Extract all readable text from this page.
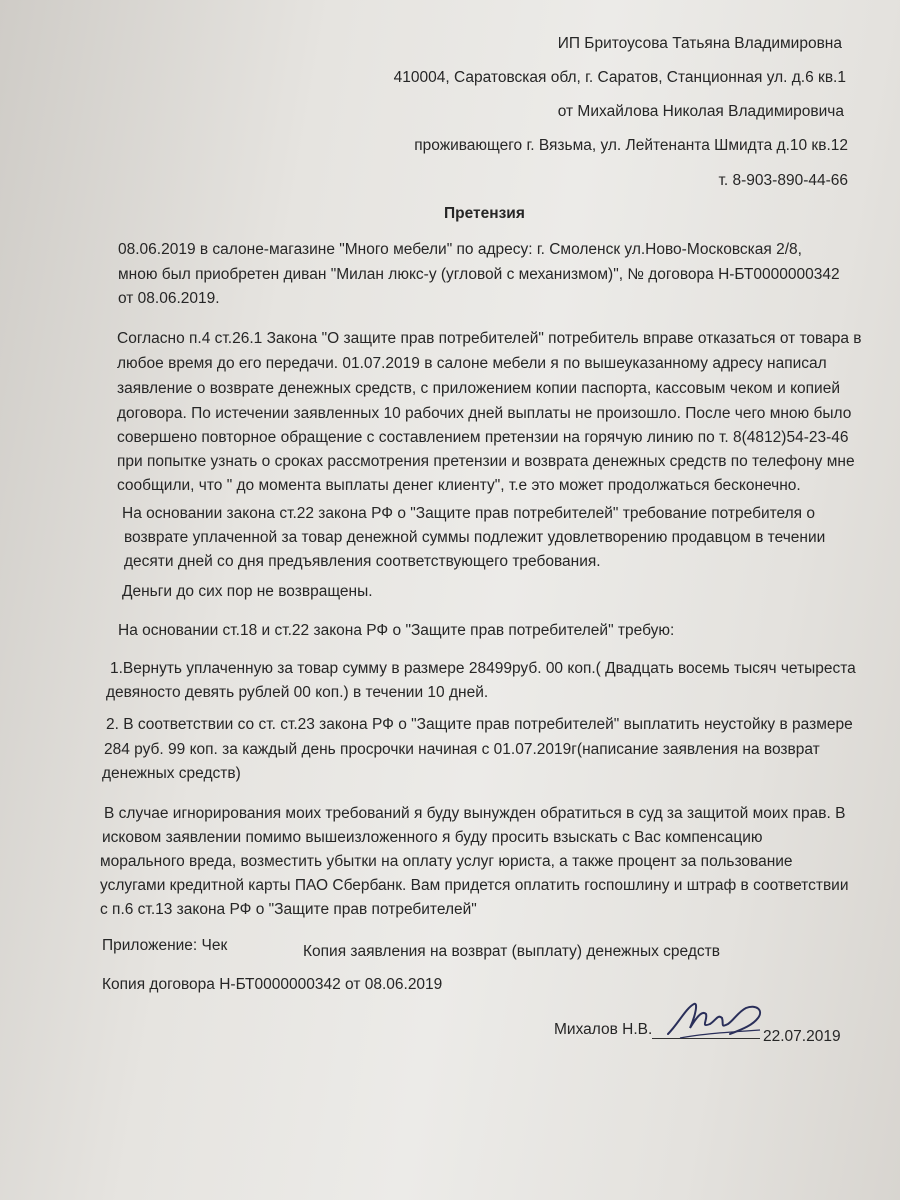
ИП Бритоусова Татьяна Владимировна
410004, Саратовская обл, г. Саратов, Станционная ул. д.6 кв.1
от Михайлова Николая Владимировича
проживающего г. Вязьма, ул. Лейтенанта Шмидта д.10 кв.12
т. 8-903-890-44-66
Претензия
08.06.2019 в салоне-магазине "Много мебели" по адресу: г. Смоленск ул.Ново-Московская 2/8,
мною был приобретен диван "Милан люкс-у (угловой с механизмом)", № договора Н-БТ0000000342
от 08.06.2019.
Согласно п.4 ст.26.1 Закона "О защите прав потребителей" потребитель вправе отказаться от товара в
любое время до его передачи. 01.07.2019 в салоне мебели я по вышеуказанному адресу написал
заявление о возврате денежных средств, с приложением копии паспорта, кассовым чеком и копией
договора. По истечении заявленных 10 рабочих дней выплаты не произошло. После чего мною было
совершено повторное обращение с составлением претензии на горячую линию по т. 8(4812)54-23-46
при попытке узнать о сроках рассмотрения претензии и возврата денежных средств по телефону мне
сообщили, что " до момента выплаты денег клиенту", т.е это может продолжаться бесконечно.
На основании закона ст.22 закона РФ о "Защите прав потребителей" требование потребителя о
возврате уплаченной за товар денежной суммы подлежит удовлетворению продавцом в течении
десяти дней со дня предъявления соответствующего требования.
Деньги до сих пор не возвращены.
На основании ст.18 и ст.22 закона РФ о "Защите прав потребителей" требую:
1.Вернуть уплаченную за товар сумму в размере 28499руб. 00 коп.( Двадцать восемь тысяч четыреста
девяносто девять рублей 00 коп.) в течении 10 дней.
2. В соответствии со ст. ст.23 закона РФ о "Защите прав потребителей" выплатить неустойку в размере
284 руб. 99 коп. за каждый день просрочки начиная с 01.07.2019г(написание заявления на возврат
денежных средств)
В случае игнорирования моих требований я буду вынужден обратиться в суд за защитой моих прав. В
исковом заявлении помимо вышеизложенного я буду просить взыскать с Вас компенсацию
морального вреда, возместить убытки на оплату услуг юриста, а также процент за пользование
услугами кредитной карты ПАО Сбербанк. Вам придется оплатить госпошлину и штраф в соответствии
с п.6 ст.13 закона РФ о "Защите прав потребителей"
Приложение: Чек	Копия заявления на возврат (выплату) денежных средств
Копия договора Н-БТ0000000342 от 08.06.2019
Михалов Н.В.	22.07.2019
